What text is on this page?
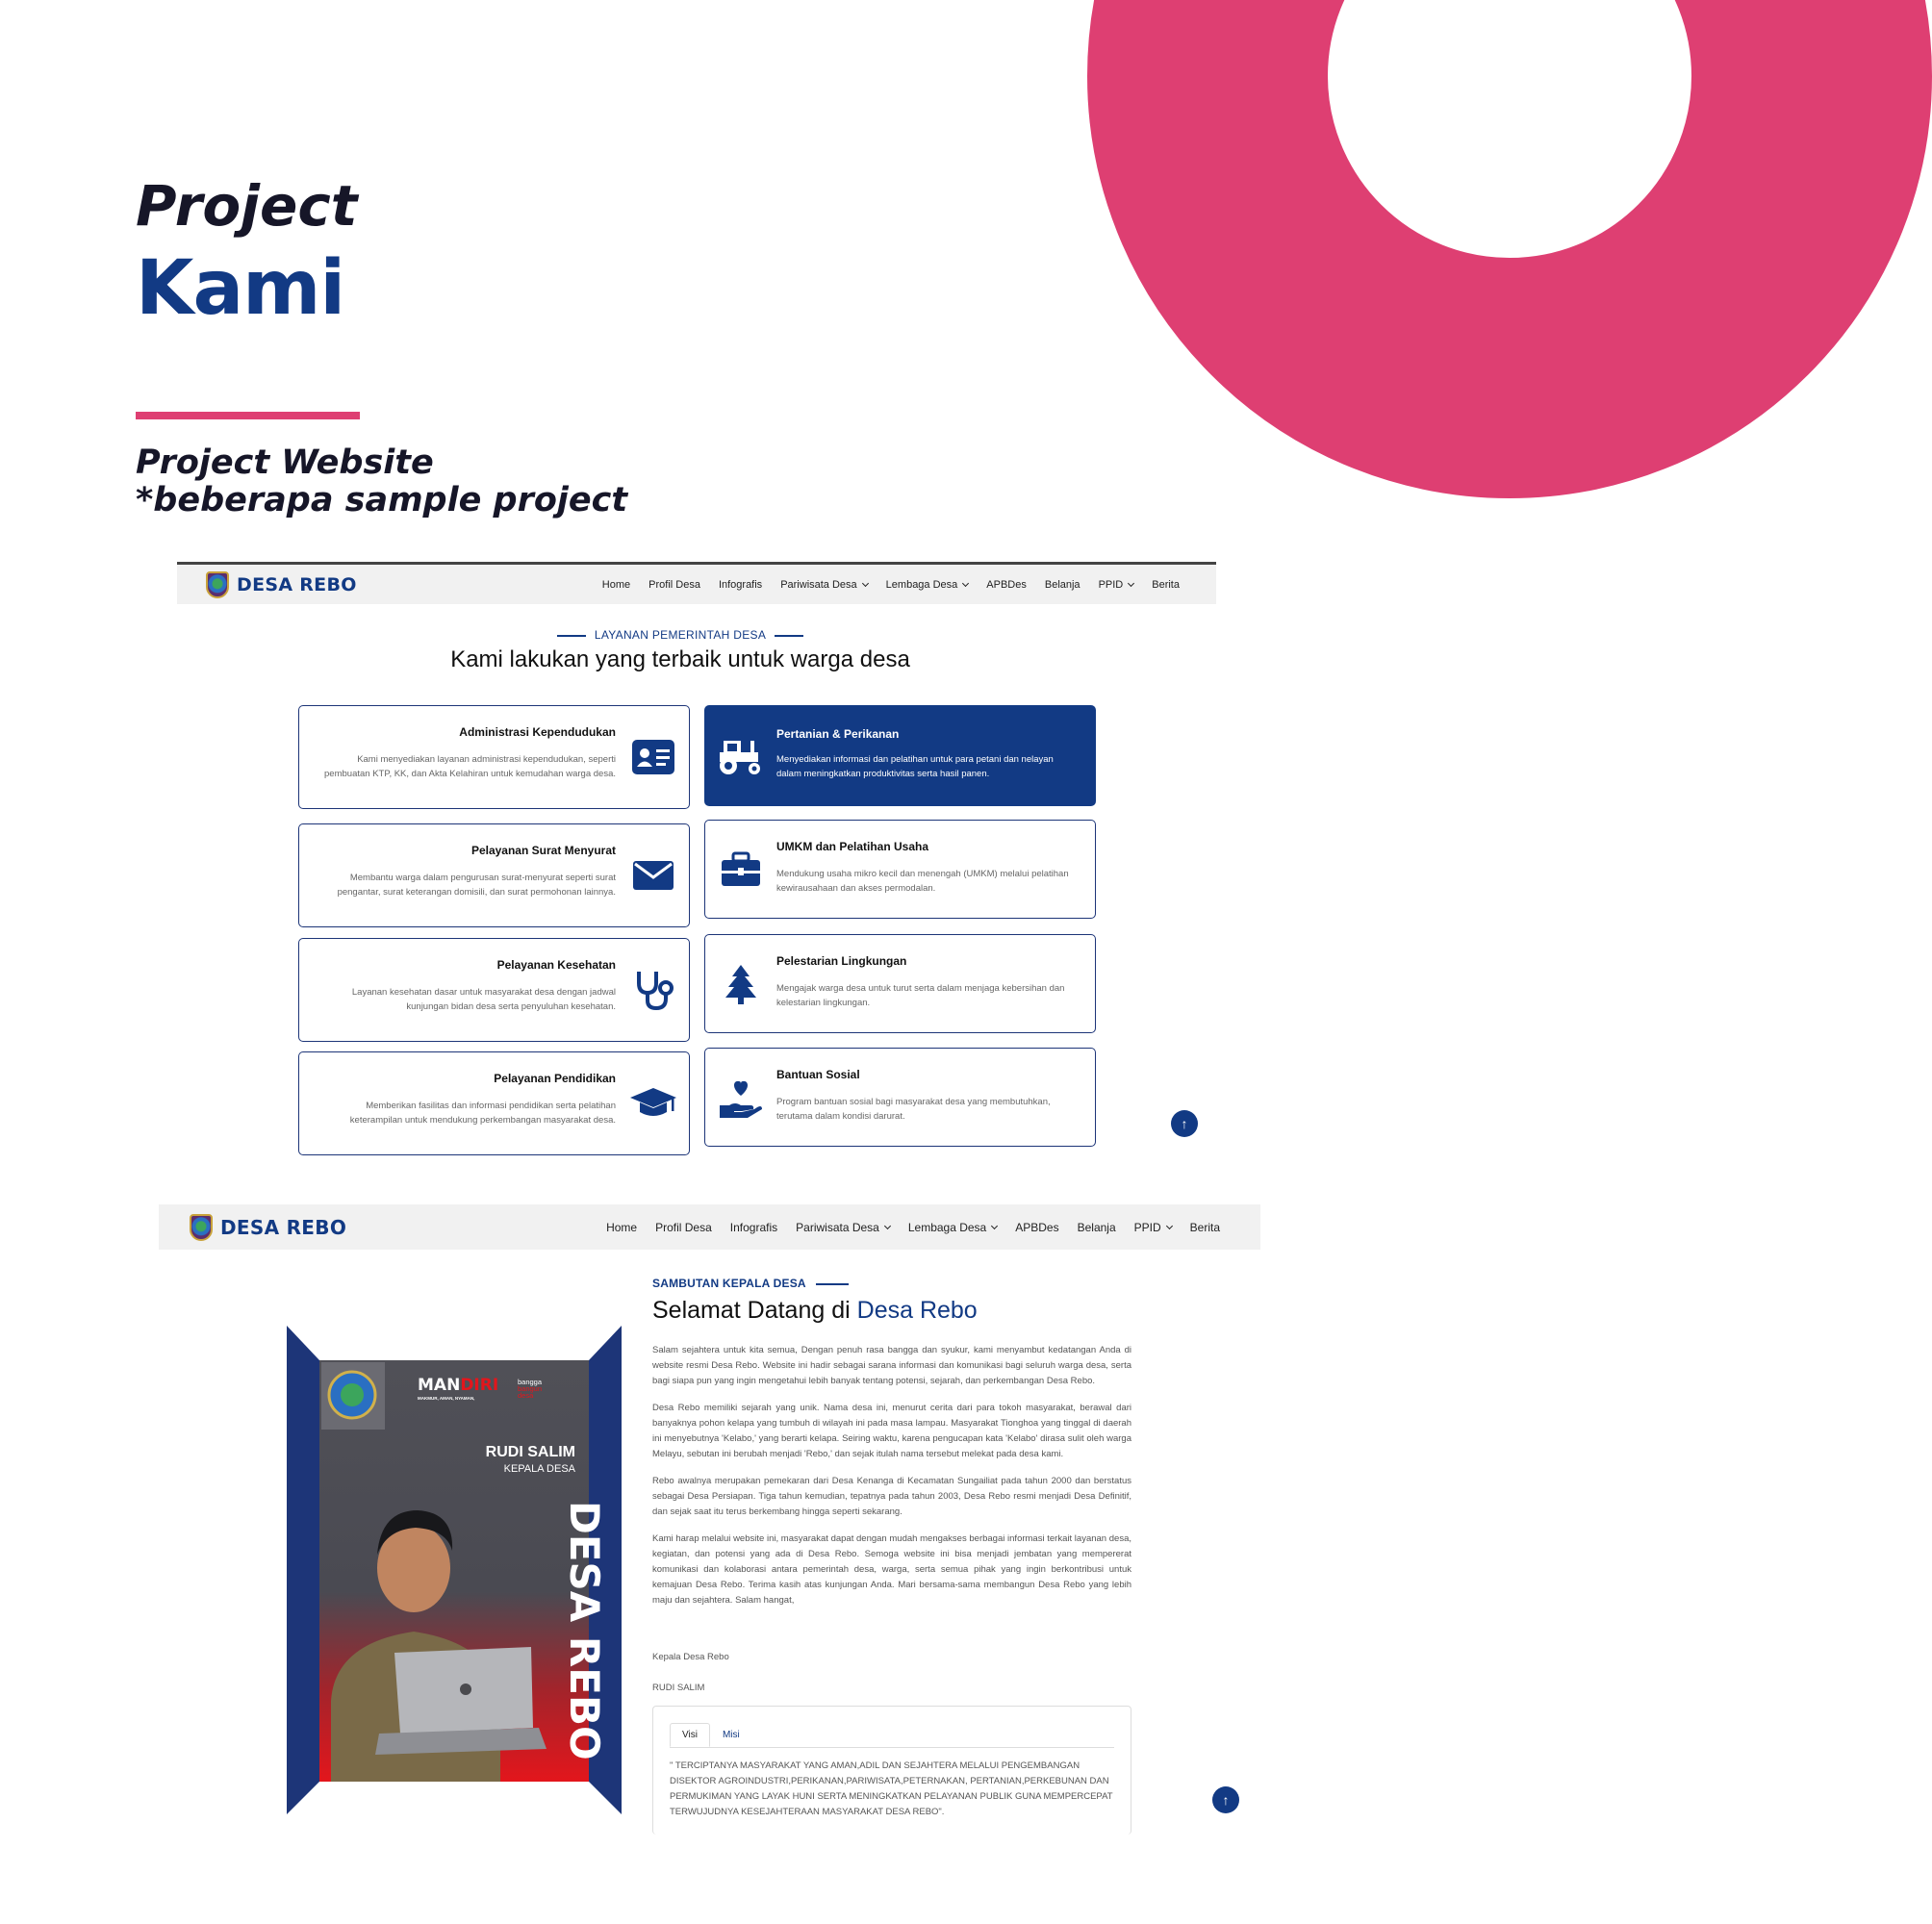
Project
Kami
Project Website
*beberapa sample project
DESA REBO	Home Profil Desa Infografis Pariwisata Desa	Lembaga Desa	APBDes Belanja PPID	Berita
LAYANAN PEMERINTAH DESA
Kami lakukan yang terbaik untuk warga desa
Administrasi Kependudukan
Kami menyediakan layanan administrasi kependudukan, seperti pembuatan KTP, KK, dan Akta Kelahiran untuk kemudahan warga desa.
Pertanian & Perikanan
Menyediakan informasi dan pelatihan untuk para petani dan nelayan dalam meningkatkan produktivitas serta hasil panen.
Pelayanan Surat Menyurat
Membantu warga dalam pengurusan surat-menyurat seperti surat pengantar, surat keterangan domisili, dan surat permohonan lainnya.
UMKM dan Pelatihan Usaha
Mendukung usaha mikro kecil dan menengah (UMKM) melalui pelatihan kewirausahaan dan akses permodalan.
Pelayanan Kesehatan
Layanan kesehatan dasar untuk masyarakat desa dengan jadwal kunjungan bidan desa serta penyuluhan kesehatan.
Pelestarian Lingkungan
Mengajak warga desa untuk turut serta dalam menjaga kebersihan dan kelestarian lingkungan.
Pelayanan Pendidikan
Memberikan fasilitas dan informasi pendidikan serta pelatihan keterampilan untuk mendukung perkembangan masyarakat desa.
Bantuan Sosial
Program bantuan sosial bagi masyarakat desa yang membutuhkan, terutama dalam kondisi darurat.	↑
DESA REBO	Home Profil Desa Infografis Pariwisata Desa	Lembaga Desa	APBDes Belanja PPID	Berita
MANDIRI
MAKMUR, AMAN, NYAMAN,
bangga
bangun
desa
RUDI SALIM
KEPALA DESA
DESA REBO
SAMBUTAN KEPALA DESA
Selamat Datang di Desa Rebo

Salam sejahtera untuk kita semua, Dengan penuh rasa bangga dan syukur, kami menyambut kedatangan Anda di website resmi Desa Rebo. Website ini hadir sebagai sarana informasi dan komunikasi bagi seluruh warga desa, serta bagi siapa pun yang ingin mengetahui lebih banyak tentang potensi, sejarah, dan perkembangan Desa Rebo.

Desa Rebo memiliki sejarah yang unik. Nama desa ini, menurut cerita dari para tokoh masyarakat, berawal dari banyaknya pohon kelapa yang tumbuh di wilayah ini pada masa lampau. Masyarakat Tionghoa yang tinggal di daerah ini menyebutnya 'Kelabo,' yang berarti kelapa. Seiring waktu, karena pengucapan kata 'Kelabo' dirasa sulit oleh warga Melayu, sebutan ini berubah menjadi 'Rebo,' dan sejak itulah nama tersebut melekat pada desa kami.

Rebo awalnya merupakan pemekaran dari Desa Kenanga di Kecamatan Sungailiat pada tahun 2000 dan berstatus sebagai Desa Persiapan. Tiga tahun kemudian, tepatnya pada tahun 2003, Desa Rebo resmi menjadi Desa Definitif, dan sejak saat itu terus berkembang hingga seperti sekarang.

Kami harap melalui website ini, masyarakat dapat dengan mudah mengakses berbagai informasi terkait layanan desa, kegiatan, dan potensi yang ada di Desa Rebo. Semoga website ini bisa menjadi jembatan yang mempererat komunikasi dan kolaborasi antara pemerintah desa, warga, serta semua pihak yang ingin berkontribusi untuk kemajuan Desa Rebo. Terima kasih atas kunjungan Anda. Mari bersama-sama membangun Desa Rebo yang lebih maju dan sejahtera. Salam hangat,

Kepala Desa Rebo
RUDI SALIM
Visi	Misi
" TERCIPTANYA MASYARAKAT YANG AMAN,ADIL DAN SEJAHTERA MELALUI PENGEMBANGAN DISEKTOR AGROINDUSTRI,PERIKANAN,PARIWISATA,PETERNAKAN, PERTANIAN,PERKEBUNAN DAN PERMUKIMAN YANG LAYAK HUNI SERTA MENINGKATKAN PELAYANAN PUBLIK GUNA MEMPERCEPAT TERWUJUDNYA KESEJAHTERAAN MASYARAKAT DESA REBO".
↑
